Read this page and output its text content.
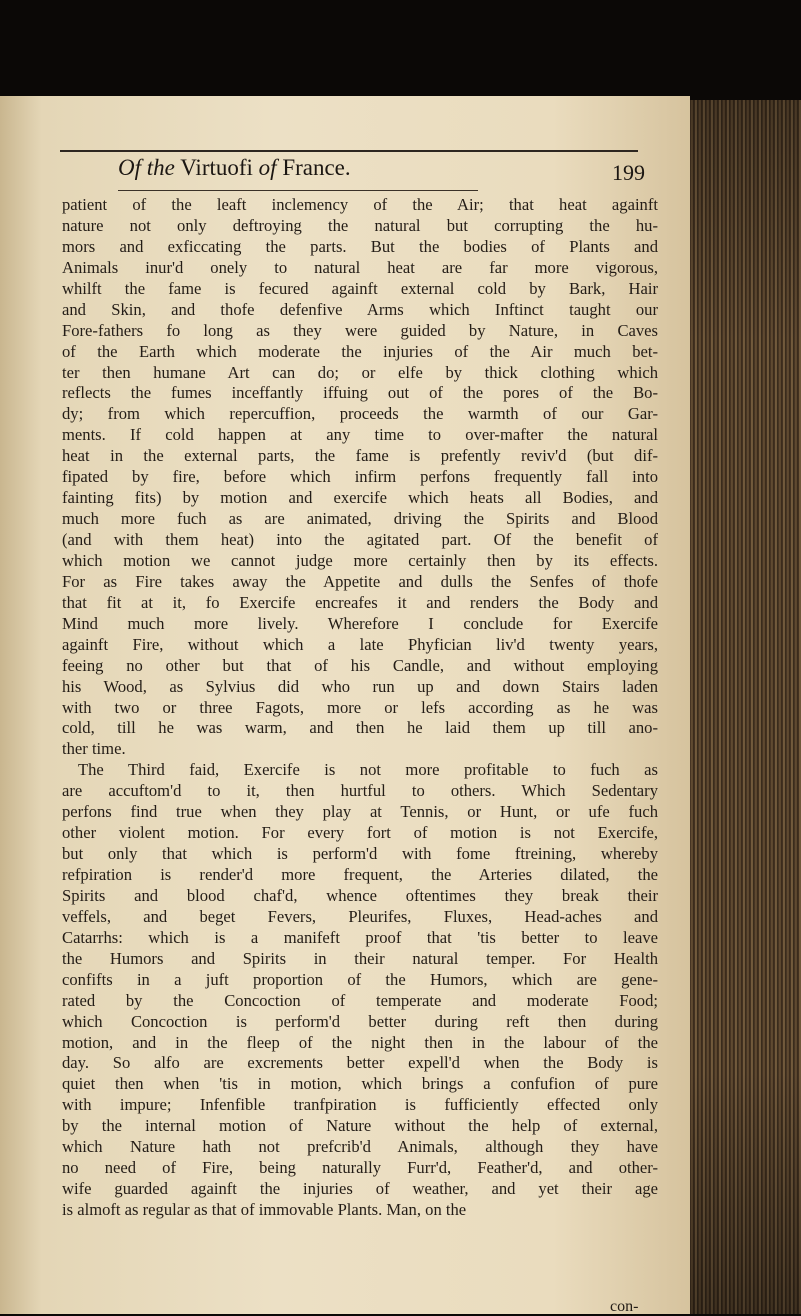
Of the Virtuofi of France.	199
patient of the leaft inclemency of the Air; that heat againft
nature not only deftroying the natural but corrupting the hu-
mors and exficcating the parts. But the bodies of Plants and
Animals inur'd onely to natural heat are far more vigorous,
whilft the fame is fecured againft external cold by Bark, Hair
and Skin, and thofe defenfive Arms which Inftinct taught our
Fore-fathers fo long as they were guided by Nature, in Caves
of the Earth which moderate the injuries of the Air much bet-
ter then humane Art can do; or elfe by thick clothing which
reflects the fumes inceffantly iffuing out of the pores of the Bo-
dy; from which repercuffion, proceeds the warmth of our Gar-
ments. If cold happen at any time to over-mafter the natural
heat in the external parts, the fame is prefently reviv'd (but dif-
fipated by fire, before which infirm perfons frequently fall into
fainting fits) by motion and exercife which heats all Bodies, and
much more fuch as are animated, driving the Spirits and Blood
(and with them heat) into the agitated part. Of the benefit of
which motion we cannot judge more certainly then by its effects.
For as Fire takes away the Appetite and dulls the Senfes of thofe
that fit at it, fo Exercife encreafes it and renders the Body and
Mind much more lively. Wherefore I conclude for Exercife
againft Fire, without which a late Phyfician liv'd twenty years,
feeing no other but that of his Candle, and without employing
his Wood, as Sylvius did who run up and down Stairs laden
with two or three Fagots, more or lefs according as he was
cold, till he was warm, and then he laid them up till ano-
ther time.
The Third faid, Exercife is not more profitable to fuch as
are accuftom'd to it, then hurtful to others. Which Sedentary
perfons find true when they play at Tennis, or Hunt, or ufe fuch
other violent motion. For every fort of motion is not Exercife,
but only that which is perform'd with fome ftreining, whereby
refpiration is render'd more frequent, the Arteries dilated, the
Spirits and blood chaf'd, whence oftentimes they break their
veffels, and beget Fevers, Pleurifes, Fluxes, Head-aches and
Catarrhs: which is a manifeft proof that 'tis better to leave
the Humors and Spirits in their natural temper. For Health
confifts in a juft proportion of the Humors, which are gene-
rated by the Concoction of temperate and moderate Food;
which Concoction is perform'd better during reft then during
motion, and in the fleep of the night then in the labour of the
day. So alfo are excrements better expell'd when the Body is
quiet then when 'tis in motion, which brings a confufion of pure
with impure; Infenfible tranfpiration is fufficiently effected only
by the internal motion of Nature without the help of external,
which Nature hath not prefcrib'd Animals, although they have
no need of Fire, being naturally Furr'd, Feather'd, and other-
wife guarded againft the injuries of weather, and yet their age
is almoft as regular as that of immovable Plants. Man, on the
con-
